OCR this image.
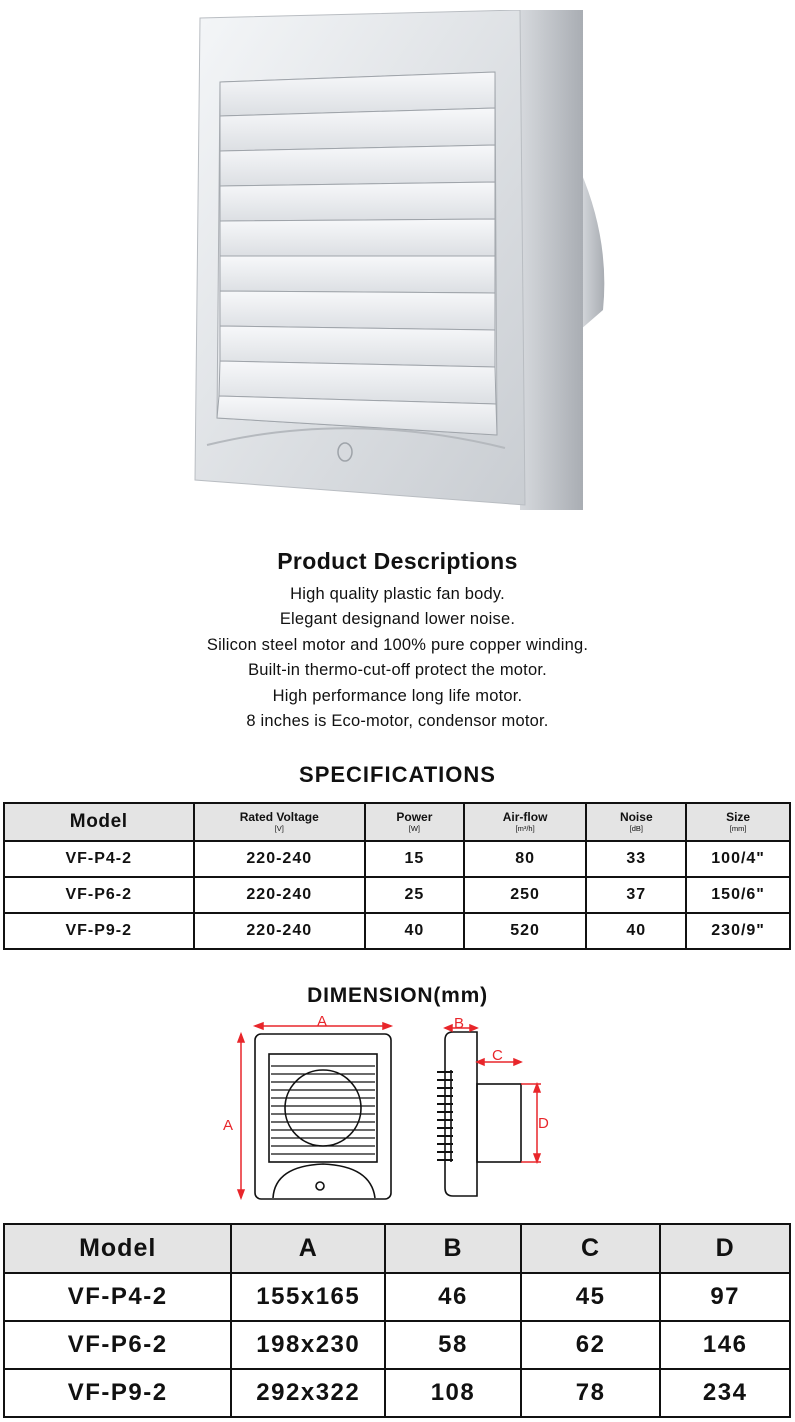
Product Descriptions
High quality plastic fan body.
Elegant designand lower noise.
Silicon steel motor and 100% pure copper winding.
Built-in thermo-cut-off protect the motor.
High performance long life motor.
8 inches is Eco-motor, condensor motor.
SPECIFICATIONS
Model	Rated Voltage
[V]	Power
[W]	Air-flow
[m³/h]	Noise
[dB]	Size
[mm]

VF-P4-2	220-240	15	80	33	100/4"
VF-P6-2	220-240	25	250	37	150/6"
VF-P9-2	220-240	40	520	40	230/9"
DIMENSION(mm)
A
A
B
C
D
Model	A	B	C	D
VF-P4-2	155x165	46	45	97
VF-P6-2	198x230	58	62	146
VF-P9-2	292x322	108	78	234
